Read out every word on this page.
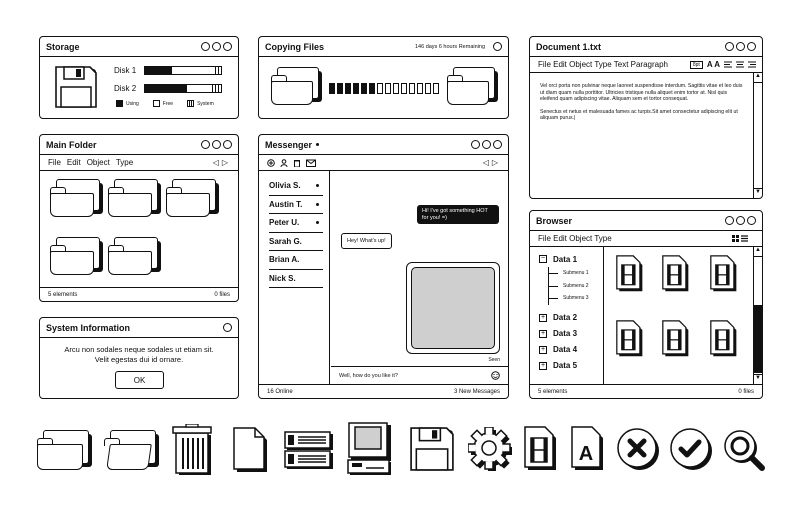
Storage
Disk 1
Disk 2
Using	Free	System
Copying Files	146 days 6 hours Remaining	Document 1.txt
File Edit Object Type Text Paragraph	8pt A A

Vel orci porta non pulvinar neque laoreet suspendisse interdum. Sagittis vitae et leo duis ut diam quam nulla porttitor. Ultricies tristique nulla aliquet enim tortor at. Nisl quis eleifend quam adipiscing vitae. Aliquam sem et tortor consequat.

Senectus et netus et malesuada fames ac turpis.Sit amet consectetur adipiscing elit ut aliquam purus.|

▲
▼
Main Folder
File Edit Object Type	◁ ▷
5 elements	0 files
Messenger
◁ ▷
Olivia S.
Austin T.
Peter U.
Sarah G.
Brian A.
Nick S.
Hey! What's up!
Hi! I've got something HOT for you! =)
Seen
Well, how do you like it?
16 Online	3 New Messages
System Information
Arcu non sodales neque sodales ut etiam sit. Velit egestas dui id ornare.
OK
Browser
File Edit Object Type
− Data 1
Submenu 1
Submenu 2
Submenu 3
+ Data 2
+ Data 3
+ Data 4
+ Data 5
▲
▼
5 elements	0 files
A
